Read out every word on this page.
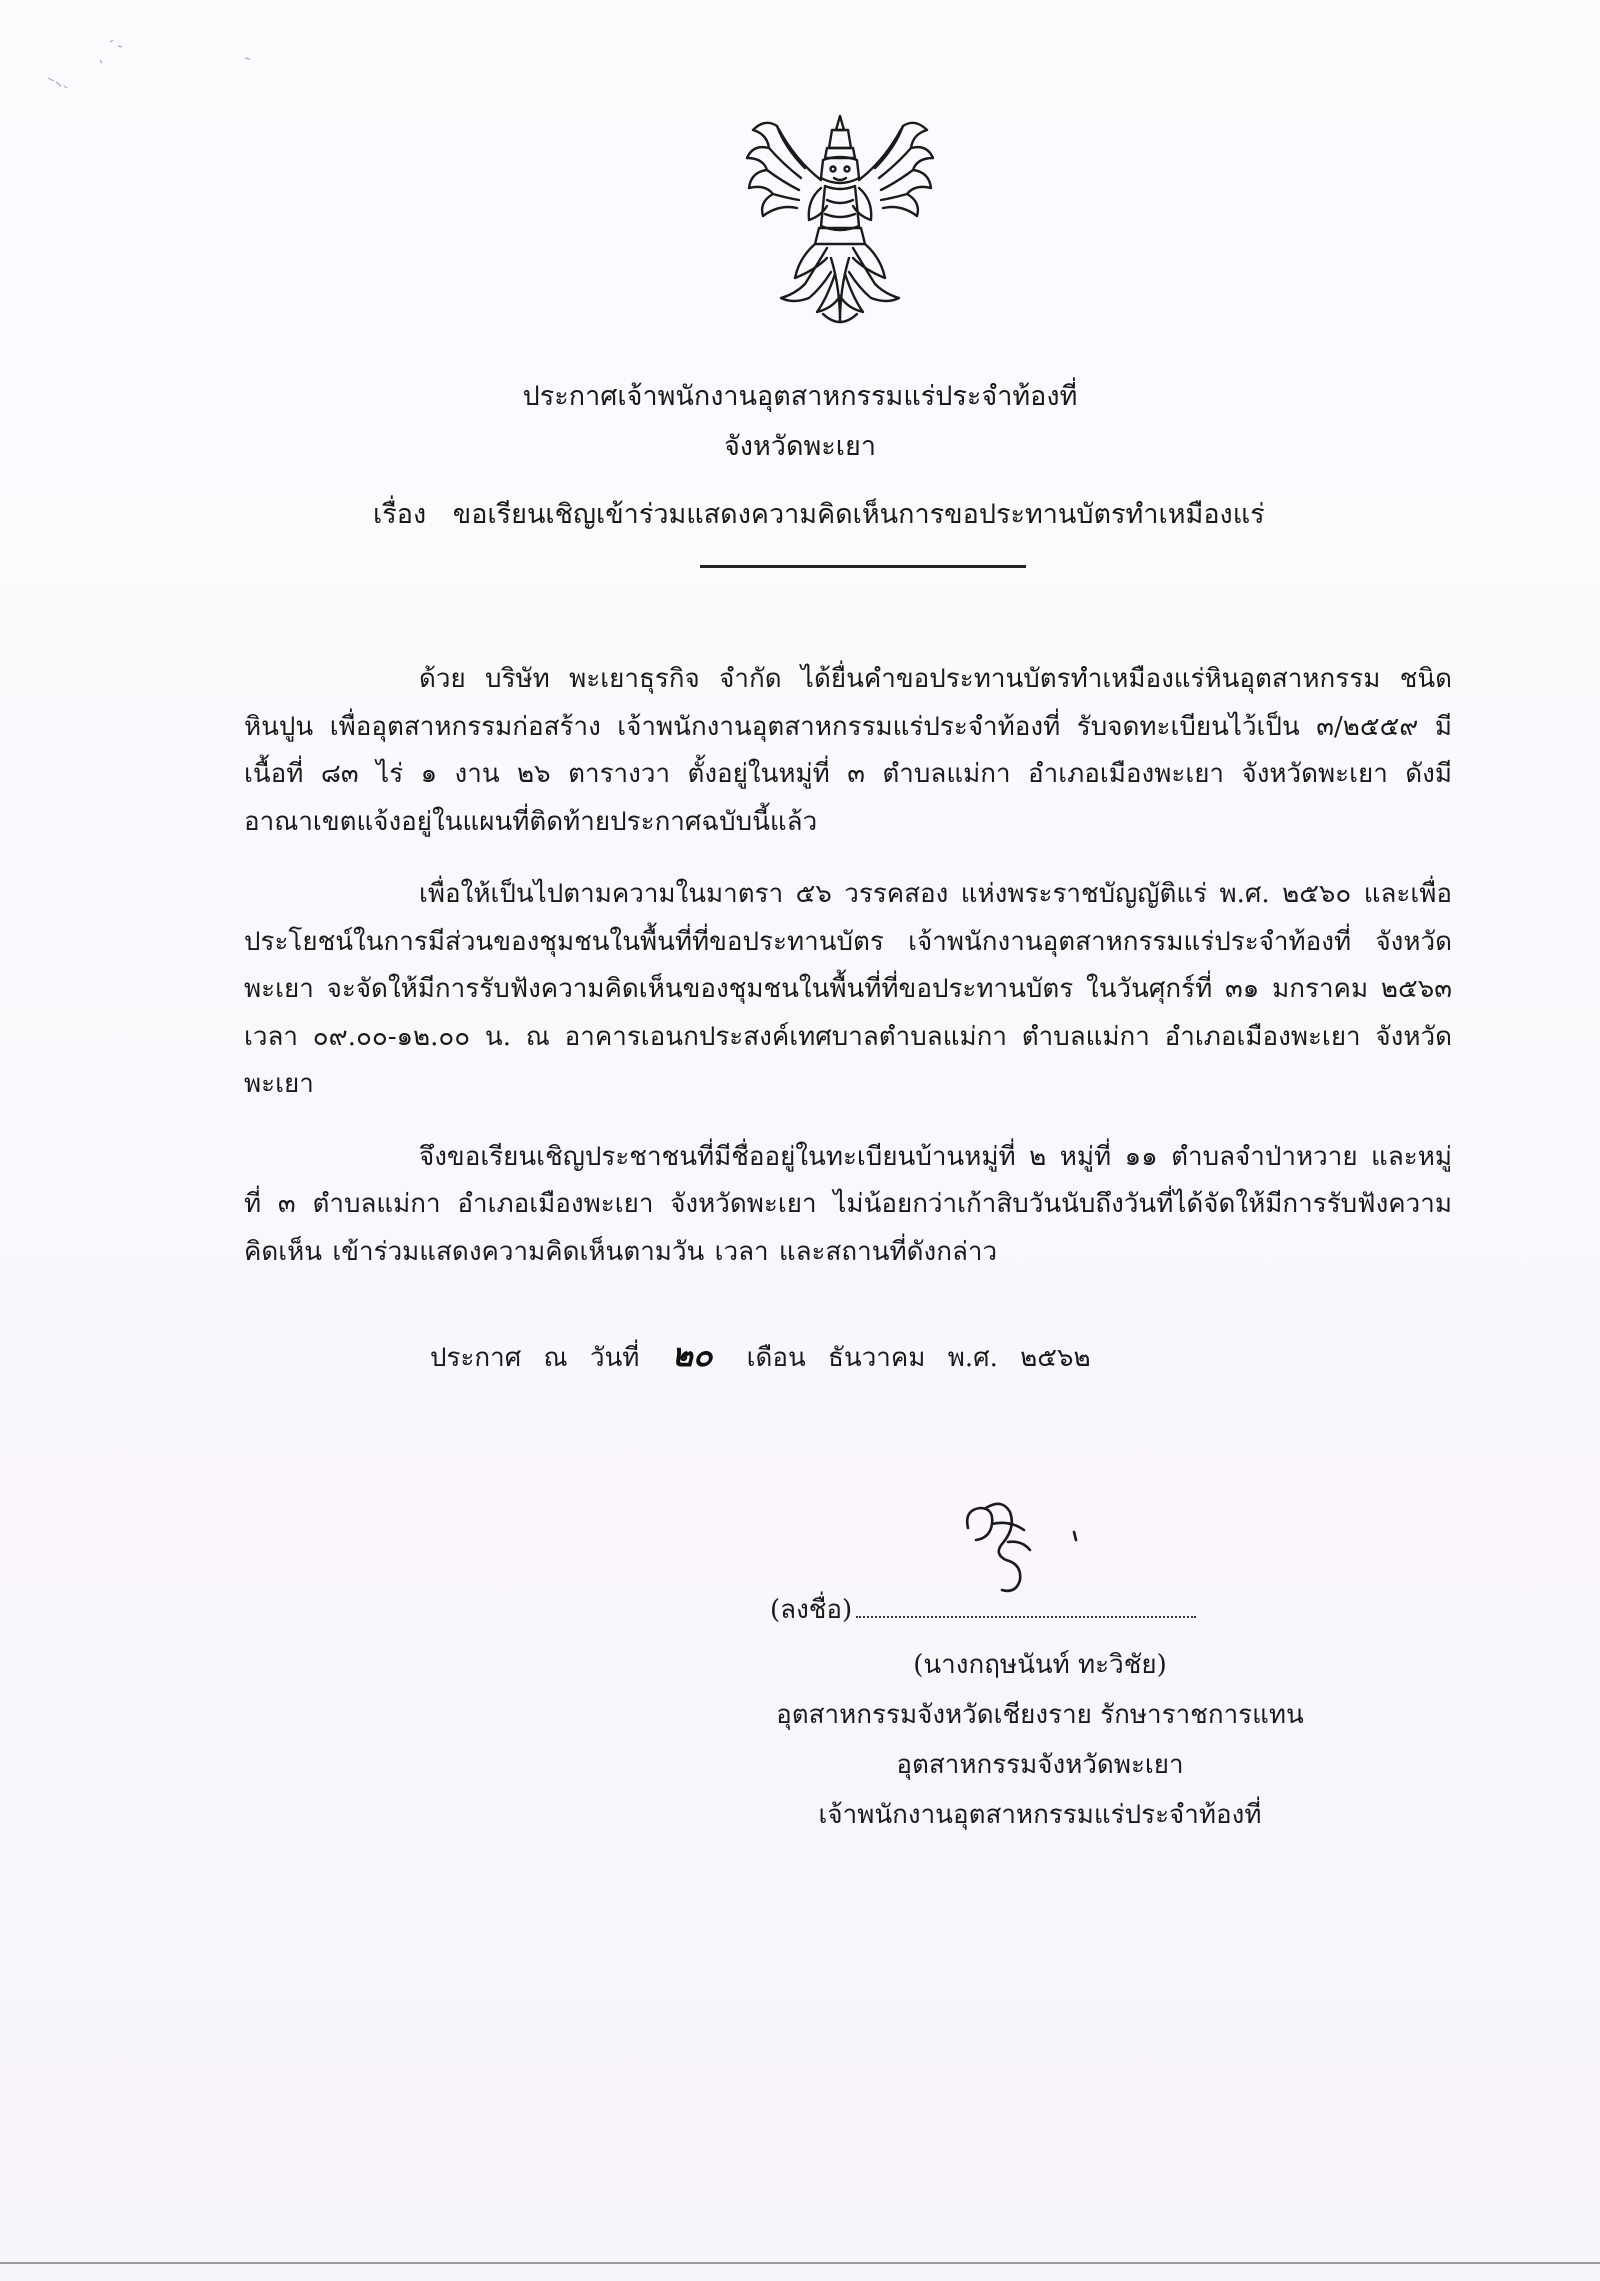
ประกาศเจ้าพนักงานอุตสาหกรรมแร่ประจำท้องที่
จังหวัดพะเยา
เรื่อง ขอเรียนเชิญเข้าร่วมแสดงความคิดเห็นการขอประทานบัตรทำเหมืองแร่

ด้วย บริษัท พะเยาธุรกิจ จำกัด ได้ยื่นคำขอประทานบัตรทำเหมืองแร่หินอุตสาหกรรม ชนิดหินปูน เพื่ออุตสาหกรรมก่อสร้าง เจ้าพนักงานอุตสาหกรรมแร่ประจำท้องที่ รับจดทะเบียนไว้เป็น ๓/๒๕๕๙ มีเนื้อที่ ๘๓ ไร่ ๑ งาน ๒๖ ตารางวา ตั้งอยู่ในหมู่ที่ ๓ ตำบลแม่กา อำเภอเมืองพะเยา จังหวัดพะเยา ดังมีอาณาเขตแจ้งอยู่ในแผนที่ติดท้ายประกาศฉบับนี้แล้ว

เพื่อให้เป็นไปตามความในมาตรา ๕๖ วรรคสอง แห่งพระราชบัญญัติแร่ พ.ศ. ๒๕๖๐ และเพื่อประโยชน์ในการมีส่วนของชุมชนในพื้นที่ที่ขอประทานบัตร เจ้าพนักงานอุตสาหกรรมแร่ประจำท้องที่ จังหวัดพะเยา จะจัดให้มีการรับฟังความคิดเห็นของชุมชนในพื้นที่ที่ขอประทานบัตร ในวันศุกร์ที่ ๓๑ มกราคม ๒๕๖๓ เวลา ๐๙.๐๐-๑๒.๐๐ น. ณ อาคารเอนกประสงค์เทศบาลตำบลแม่กา ตำบลแม่กา อำเภอเมืองพะเยา จังหวัดพะเยา

จึงขอเรียนเชิญประชาชนที่มีชื่ออยู่ในทะเบียนบ้านหมู่ที่ ๒ หมู่ที่ ๑๑ ตำบลจำป่าหวาย และหมู่ที่ ๓ ตำบลแม่กา อำเภอเมืองพะเยา จังหวัดพะเยา ไม่น้อยกว่าเก้าสิบวันนับถึงวันที่ได้จัดให้มีการรับฟังความคิดเห็น เข้าร่วมแสดงความคิดเห็นตามวัน เวลา และสถานที่ดังกล่าว

ประกาศ ณ วันที่ ๒๐ เดือน ธันวาคม พ.ศ. ๒๕๖๒
(ลงชื่อ)
(นางกฤษนันท์ ทะวิชัย)
อุตสาหกรรมจังหวัดเชียงราย รักษาราชการแทน
อุตสาหกรรมจังหวัดพะเยา
เจ้าพนักงานอุตสาหกรรมแร่ประจำท้องที่
